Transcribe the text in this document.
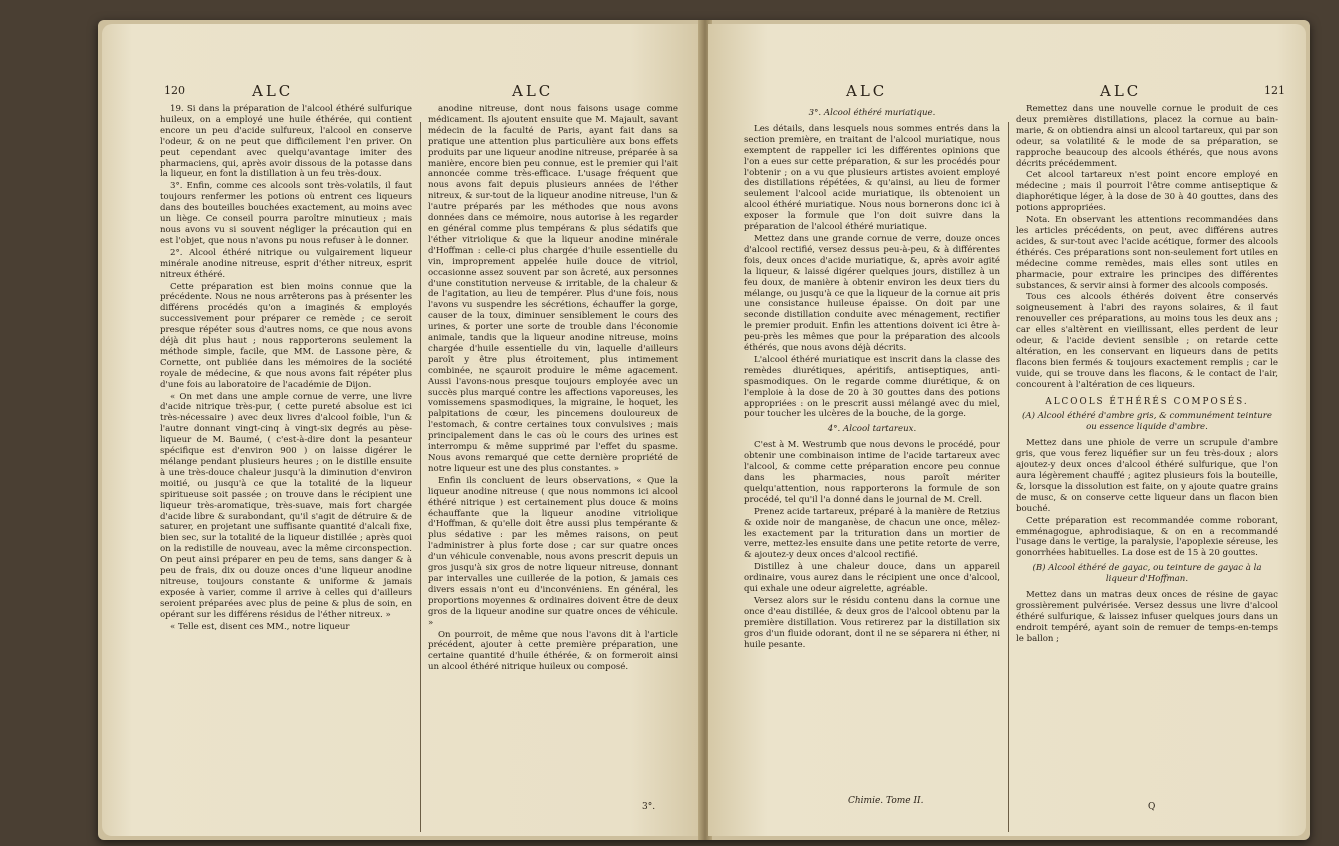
120	ALC	ALC

19. Si dans la préparation de l'alcool éthéré sulfurique huileux, on a employé une huile éthérée, qui contient encore un peu d'acide sulfureux, l'alcool en conserve l'odeur, & on ne peut que difficilement l'en priver. On peut cependant avec quelqu'avantage imiter des pharmaciens, qui, après avoir dissous de la potasse dans la liqueur, en font la distillation à un feu très-doux.

3°. Enfin, comme ces alcools sont très-volatils, il faut toujours renfermer les potions où entrent ces liqueurs dans des bouteilles bouchées exactement, au moins avec un liège. Ce conseil pourra paroître minutieux ; mais nous avons vu si souvent négliger la précaution qui en est l'objet, que nous n'avons pu nous refuser à le donner.

2°. Alcool éthéré nitrique ou vulgairement liqueur minérale anodine nitreuse, esprit d'éther nitreux, esprit nitreux éthéré.

Cette préparation est bien moins connue que la précédente. Nous ne nous arrêterons pas à présenter les différens procédés qu'on a imaginés & employés successivement pour préparer ce remède ; ce seroit presque répéter sous d'autres noms, ce que nous avons déjà dit plus haut ; nous rapporterons seulement la méthode simple, facile, que MM. de Lassone père, & Cornette, ont publiée dans les mémoires de la société royale de médecine, & que nous avons fait répéter plus d'une fois au laboratoire de l'académie de Dijon.

« On met dans une ample cornue de verre, une livre d'acide nitrique très-pur, ( cette pureté absolue est ici très-nécessaire ) avec deux livres d'alcool foible, l'un & l'autre donnant vingt-cinq à vingt-six degrés au pèse-liqueur de M. Baumé, ( c'est-à-dire dont la pesanteur spécifique est d'environ 900 ) on laisse digérer le mélange pendant plusieurs heures ; on le distille ensuite à une très-douce chaleur jusqu'à la diminution d'environ moitié, ou jusqu'à ce que la totalité de la liqueur spiritueuse soit passée ; on trouve dans le récipient une liqueur très-aromatique, très-suave, mais fort chargée d'acide libre & surabondant, qu'il s'agit de détruire & de saturer, en projetant une suffisante quantité d'alcali fixe, bien sec, sur la totalité de la liqueur distillée ; après quoi on la redistille de nouveau, avec la même circonspection. On peut ainsi préparer en peu de tems, sans danger & à peu de frais, dix ou douze onces d'une liqueur anodine nitreuse, toujours constante & uniforme & jamais exposée à varier, comme il arrive à celles qui d'ailleurs seroient préparées avec plus de peine & plus de soin, en opérant sur les différens résidus de l'éther nitreux. »

« Telle est, disent ces MM., notre liqueur

anodine nitreuse, dont nous faisons usage comme médicament. Ils ajoutent ensuite que M. Majault, savant médecin de la faculté de Paris, ayant fait dans sa pratique une attention plus particulière aux bons effets produits par une liqueur anodine nitreuse, préparée à sa manière, encore bien peu connue, est le premier qui l'ait annoncée comme très-efficace. L'usage fréquent que nous avons fait depuis plusieurs années de l'éther nitreux, & sur-tout de la liqueur anodine nitreuse, l'un & l'autre préparés par les méthodes que nous avons données dans ce mémoire, nous autorise à les regarder en général comme plus tempérans & plus sédatifs que l'éther vitriolique & que la liqueur anodine minérale d'Hoffman : celle-ci plus chargée d'huile essentielle du vin, improprement appelée huile douce de vitriol, occasionne assez souvent par son âcreté, aux personnes d'une constitution nerveuse & irritable, de la chaleur & de l'agitation, au lieu de tempérer. Plus d'une fois, nous l'avons vu suspendre les sécrétions, échauffer la gorge, causer de la toux, diminuer sensiblement le cours des urines, & porter une sorte de trouble dans l'économie animale, tandis que la liqueur anodine nitreuse, moins chargée d'huile essentielle du vin, laquelle d'ailleurs paroît y être plus étroitement, plus intimement combinée, ne sçauroit produire le même agacement. Aussi l'avons-nous presque toujours employée avec un succès plus marqué contre les affections vaporeuses, les vomissemens spasmodiques, la migraine, le hoquet, les palpitations de cœur, les pincemens douloureux de l'estomach, & contre certaines toux convulsives ; mais principalement dans le cas où le cours des urines est interrompu & même supprimé par l'effet du spasme. Nous avons remarqué que cette dernière propriété de notre liqueur est une des plus constantes. »

Enfin ils concluent de leurs observations, « Que la liqueur anodine nitreuse ( que nous nommons ici alcool éthéré nitrique ) est certainement plus douce & moins échauffante que la liqueur anodine vitriolique d'Hoffman, & qu'elle doit être aussi plus tempérante & plus sédative : par les mêmes raisons, on peut l'administrer à plus forte dose ; car sur quatre onces d'un véhicule convenable, nous avons prescrit depuis un gros jusqu'à six gros de notre liqueur nitreuse, donnant par intervalles une cuillerée de la potion, & jamais ces divers essais n'ont eu d'inconvéniens. En général, les proportions moyennes & ordinaires doivent être de deux gros de la liqueur anodine sur quatre onces de véhicule. »

On pourroit, de même que nous l'avons dit à l'article précédent, ajouter à cette première préparation, une certaine quantité d'huile éthérée, & on formeroit ainsi un alcool éthéré nitrique huileux ou composé.

3°.
ALC	ALC	121

3°. Alcool éthéré muriatique.

Les détails, dans lesquels nous sommes entrés dans la section première, en traitant de l'alcool muriatique, nous exemptent de rappeller ici les différentes opinions que l'on a eues sur cette préparation, & sur les procédés pour l'obtenir ; on a vu que plusieurs artistes avoient employé des distillations répétées, & qu'ainsi, au lieu de former seulement l'alcool acide muriatique, ils obtenoient un alcool éthéré muriatique. Nous nous bornerons donc ici à exposer la formule que l'on doit suivre dans la préparation de l'alcool éthéré muriatique.

Mettez dans une grande cornue de verre, douze onces d'alcool rectifié, versez dessus peu-à-peu, & à différentes fois, deux onces d'acide muriatique, &, après avoir agité la liqueur, & laissé digérer quelques jours, distillez à un feu doux, de manière à obtenir environ les deux tiers du mélange, ou jusqu'à ce que la liqueur de la cornue ait pris une consistance huileuse épaisse. On doit par une seconde distillation conduite avec ménagement, rectifier le premier produit. Enfin les attentions doivent ici être à-peu-près les mêmes que pour la préparation des alcools éthérés, que nous avons déjà décrits.

L'alcool éthéré muriatique est inscrit dans la classe des remèdes diurétiques, apéritifs, antiseptiques, anti-spasmodiques. On le regarde comme diurétique, & on l'emploie à la dose de 20 à 30 gouttes dans des potions appropriées : on le prescrit aussi mélangé avec du miel, pour toucher les ulcères de la bouche, de la gorge.

4°. Alcool tartareux.

C'est à M. Westrumb que nous devons le procédé, pour obtenir une combinaison intime de l'acide tartareux avec l'alcool, & comme cette préparation encore peu connue dans les pharmacies, nous paroît mériter quelqu'attention, nous rapporterons la formule de son procédé, tel qu'il l'a donné dans le journal de M. Crell.

Prenez acide tartareux, préparé à la manière de Retzius & oxide noir de manganèse, de chacun une once, mêlez-les exactement par la trituration dans un mortier de verre, mettez-les ensuite dans une petite retorte de verre, & ajoutez-y deux onces d'alcool rectifié.

Distillez à une chaleur douce, dans un appareil ordinaire, vous aurez dans le récipient une once d'alcool, qui exhale une odeur aigrelette, agréable.

Versez alors sur le résidu contenu dans la cornue une once d'eau distillée, & deux gros de l'alcool obtenu par la première distillation. Vous retirerez par la distillation six gros d'un fluide odorant, dont il ne se séparera ni éther, ni huile pesante.

Remettez dans une nouvelle cornue le produit de ces deux premières distillations, placez la cornue au bain-marie, & on obtiendra ainsi un alcool tartareux, qui par son odeur, sa volatilité & le mode de sa préparation, se rapproche beaucoup des alcools éthérés, que nous avons décrits précédemment.

Cet alcool tartareux n'est point encore employé en médecine ; mais il pourroit l'être comme antiseptique & diaphorétique léger, à la dose de 30 à 40 gouttes, dans des potions appropriées.

Nota. En observant les attentions recommandées dans les articles précédents, on peut, avec différens autres acides, & sur-tout avec l'acide acétique, former des alcools éthérés. Ces préparations sont non-seulement fort utiles en médecine comme remèdes, mais elles sont utiles en pharmacie, pour extraire les principes des différentes substances, & servir ainsi à former des alcools composés.

Tous ces alcools éthérés doivent être conservés soigneusement à l'abri des rayons solaires, & il faut renouveller ces préparations, au moins tous les deux ans ; car elles s'altèrent en vieillissant, elles perdent de leur odeur, & l'acide devient sensible ; on retarde cette altération, en les conservant en liqueurs dans de petits flacons bien fermés & toujours exactement remplis ; car le vuide, qui se trouve dans les flacons, & le contact de l'air, concourent à l'altération de ces liqueurs.

ALCOOLS ÉTHÉRÉS COMPOSÉS.

(A) Alcool éthéré d'ambre gris, & communément teinture ou essence liquide d'ambre.

Mettez dans une phiole de verre un scrupule d'ambre gris, que vous ferez liquéfier sur un feu très-doux ; alors ajoutez-y deux onces d'alcool éthéré sulfurique, que l'on aura légèrement chauffé ; agitez plusieurs fois la bouteille, &, lorsque la dissolution est faite, on y ajoute quatre grains de musc, & on conserve cette liqueur dans un flacon bien bouché.

Cette préparation est recommandée comme roborant, emménagogue, aphrodisiaque, & on en a recommandé l'usage dans le vertige, la paralysie, l'apoplexie séreuse, les gonorrhées habituelles. La dose est de 15 à 20 gouttes.

(B) Alcool éthéré de gayac, ou teinture de gayac à la liqueur d'Hoffman.

Mettez dans un matras deux onces de résine de gayac grossièrement pulvérisée. Versez dessus une livre d'alcool éthéré sulfurique, & laissez infuser quelques jours dans un endroit tempéré, ayant soin de remuer de temps-en-temps le ballon ;

Chimie. Tome II.
Q
